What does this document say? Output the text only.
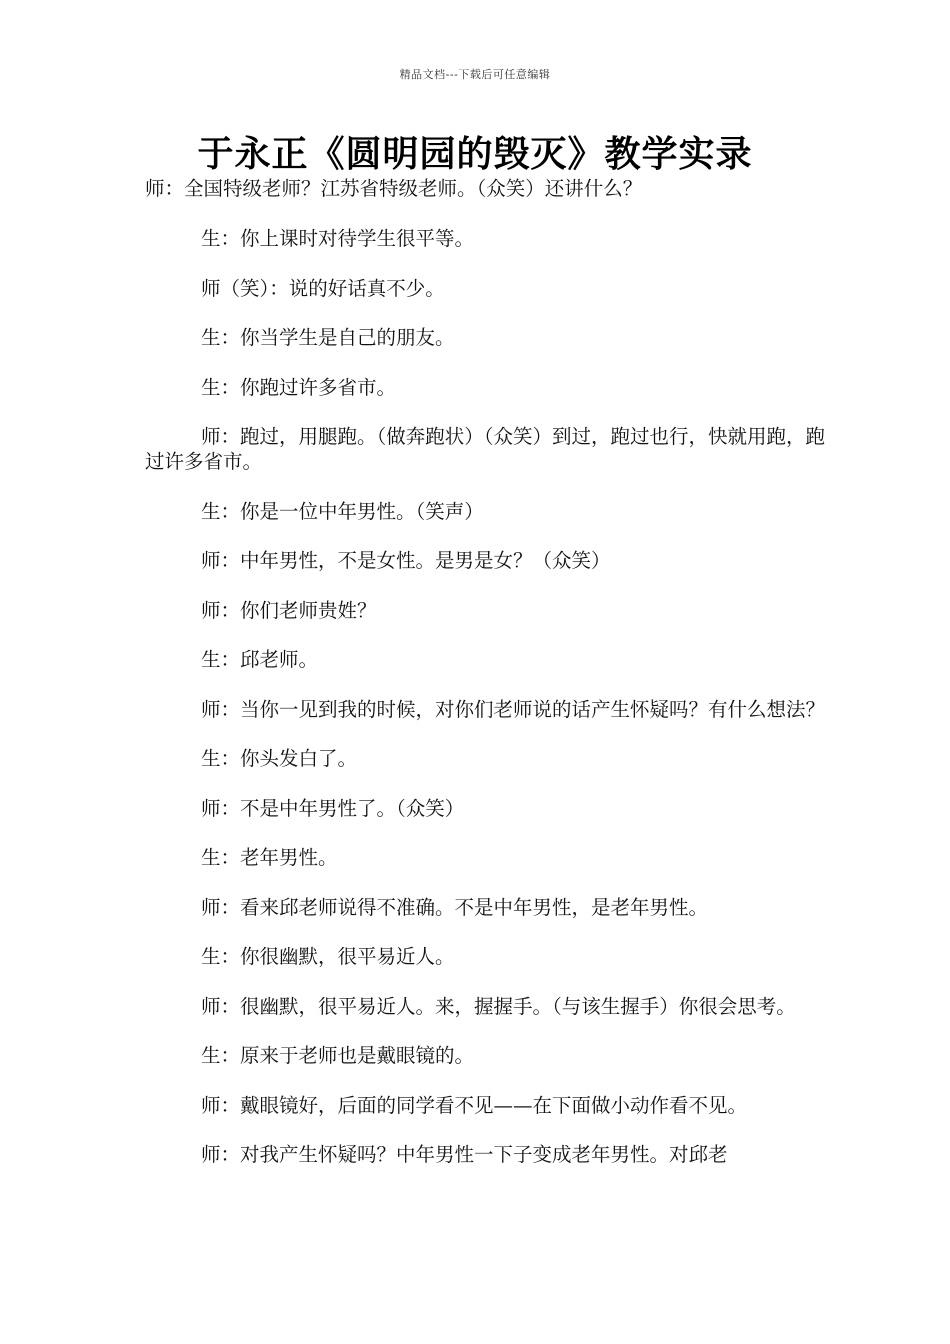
精品文档---下载后可任意编辑
于永正《圆明园的毁灭》教学实录

师：全国特级老师？江苏省特级老师。（众笑）还讲什么？

生：你上课时对待学生很平等。

师（笑）：说的好话真不少。

生：你当学生是自己的朋友。

生：你跑过许多省市。

师：跑过，用腿跑。（做奔跑状）（众笑）到过，跑过也行，快就用跑，跑过许多省市。

生：你是一位中年男性。（笑声）

师：中年男性，不是女性。是男是女？（众笑）

师：你们老师贵姓？

生：邱老师。

师：当你一见到我的时候，对你们老师说的话产生怀疑吗？有什么想法？

生：你头发白了。

师：不是中年男性了。（众笑）

生：老年男性。

师：看来邱老师说得不准确。不是中年男性，是老年男性。

生：你很幽默，很平易近人。

师：很幽默，很平易近人。来，握握手。（与该生握手）你很会思考。

生：原来于老师也是戴眼镜的。

师：戴眼镜好，后面的同学看不见——在下面做小动作看不见。

师：对我产生怀疑吗？中年男性一下子变成老年男性。对邱老
